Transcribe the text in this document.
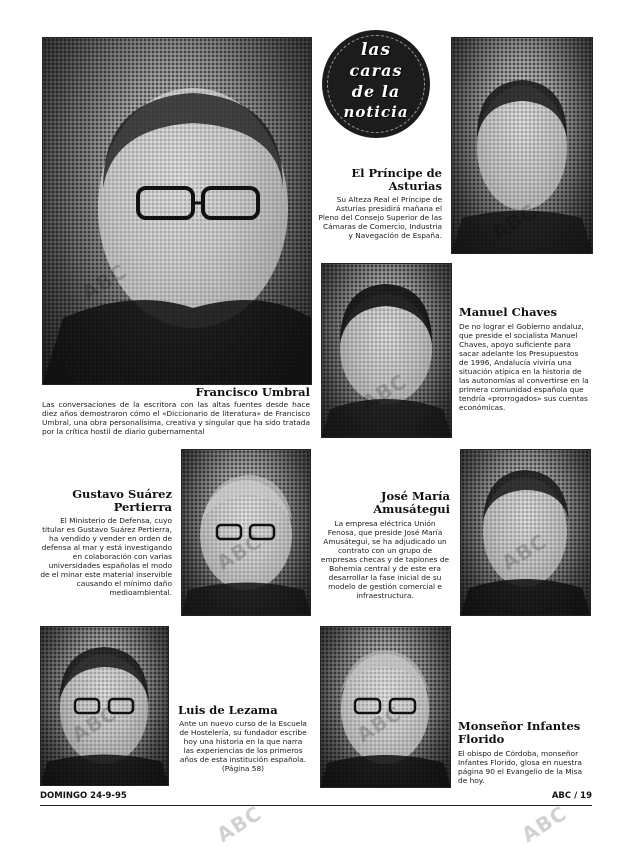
las
caras
de la
noticia

Francisco Umbral

Las conversaciones de la escritora con las altas fuentes desde hace diez años demostraron cómo el «Diccionario de literatura» de Francisco Umbral, una obra personalísima, creativa y singular que ha sido tratada por la crítica hostil de diario gubernamental

El Príncipe de Asturias

Su Alteza Real el Príncipe de Asturias presidirá mañana el Pleno del Consejo Superior de las Cámaras de Comercio, Industria y Navegación de España.

Manuel Chaves

De no lograr el Gobierno andaluz, que preside el socialista Manuel Chaves, apoyo suficiente para sacar adelante los Presupuestos de 1996, Andalucía viviría una situación atípica en la historia de las autonomías al convertirse en la primera comunidad española que tendría «prorrogados» sus cuentas económicas.

Gustavo Suárez Pertierra

El Ministerio de Defensa, cuyo titular es Gustavo Suárez Pertierra, ha vendido y vender en orden de defensa al mar y está investigando en colaboración con varias universidades españolas el modo de el minar este material inservible causando el mínimo daño medioambiental.

José María Amusátegui

La empresa eléctrica Unión Fenosa, que preside José María Amusátegui, se ha adjudicado un contrato con un grupo de empresas checas y de tapiones de Bohemia central y de este era desarrollar la fase inicial de su modelo de gestión comercial e infraestructura.

Luis de Lezama

Ante un nuevo curso de la Escuela de Hostelería, su fundador escribe hoy una historia en la que narra las experiencias de los primeros años de esta institución española. (Página 58)

Monseñor Infantes Florido

El obispo de Córdoba, monseñor Infantes Florido, glosa en nuestra página 90 el Evangelio de la Misa de hoy.

DOMINGO 24-9-95	ABC / 19
ABC	ABC
